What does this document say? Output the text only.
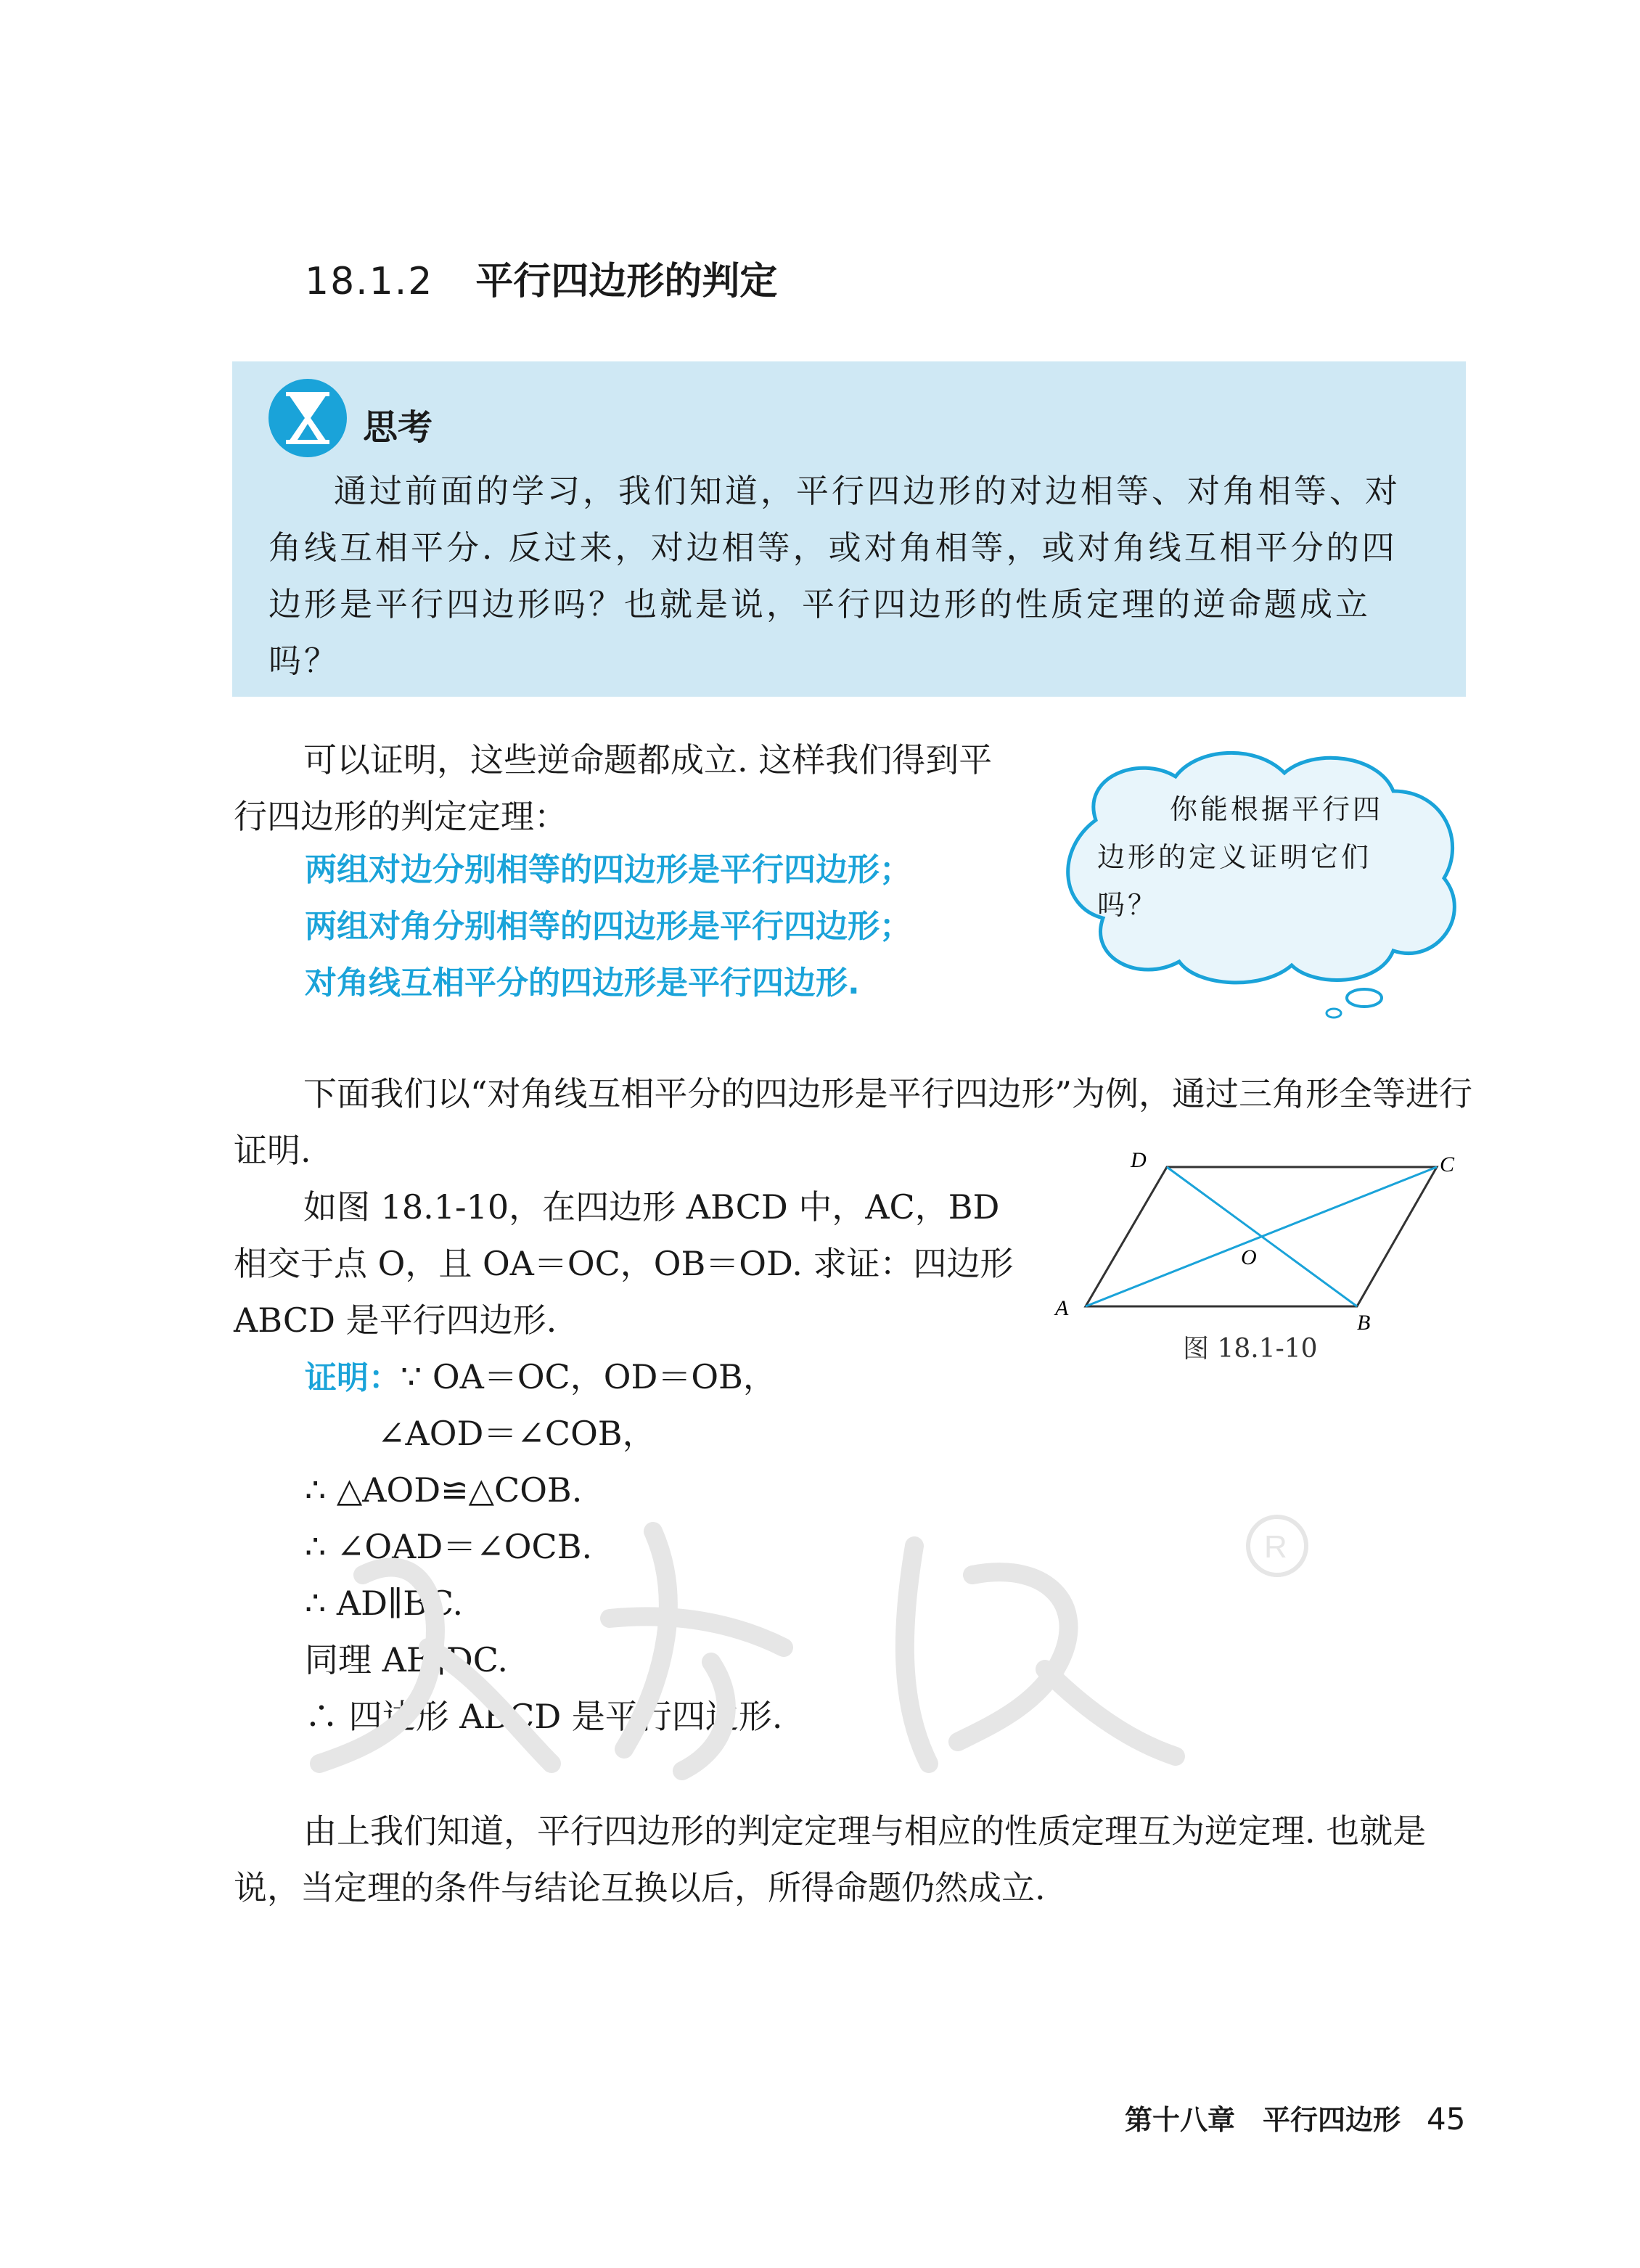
18.1.2 平行四边形的判定
思考
通过前面的学习，我们知道，平行四边形的对边相等、对角相等、对角线互相平分. 反过来，对边相等，或对角相等，或对角线互相平分的四边形是平行四边形吗？也就是说，平行四边形的性质定理的逆命题成立吗？
可以证明，这些逆命题都成立. 这样我们得到平行四边形的判定定理：
两组对边分别相等的四边形是平行四边形；
两组对角分别相等的四边形是平行四边形；
对角线互相平分的四边形是平行四边形.
你能根据平行四边形的定义证明它们吗？
下面我们以“对角线互相平分的四边形是平行四边形”为例，通过三角形全等进行证明.
如图 18.1-10，在四边形 ABCD 中，AC，BD 相交于点 O，且 OA＝OC，OB＝OD. 求证：四边形 ABCD 是平行四边形.	A
B
C
D
O
图 18.1-10
证明：∵ OA＝OC，OD＝OB，
∠AOD＝∠COB，
∴ △AOD≌△COB.
∴ ∠OAD＝∠OCB.
∴ AD∥BC.
同理 AB∥DC.
∴ 四边形 ABCD 是平行四边形.
R
由上我们知道，平行四边形的判定定理与相应的性质定理互为逆定理. 也就是说，当定理的条件与结论互换以后，所得命题仍然成立.
第十八章　平行四边形 45
